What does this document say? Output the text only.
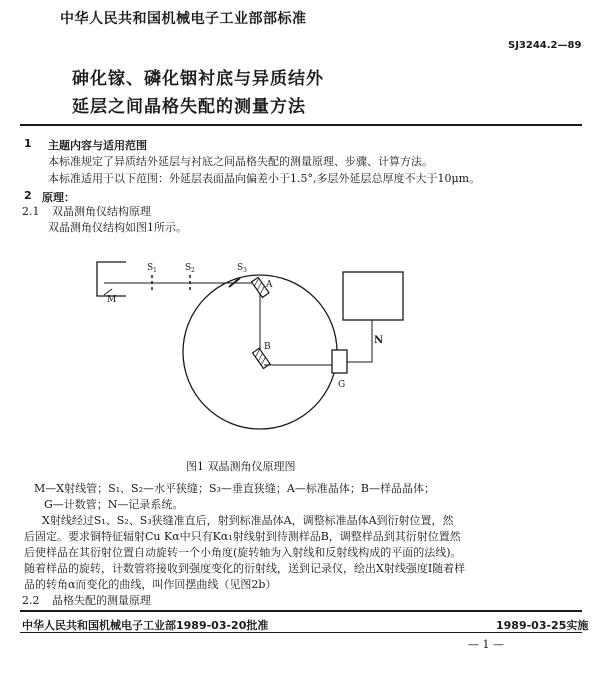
中华人民共和国机械电子工业部部标准
SJ3244.2—89
砷化镓、磷化铟衬底与异质结外
延层之间晶格失配的测量方法
1 主题内容与适用范围
本标准规定了异质结外延层与衬底之间晶格失配的测量原理、步骤、计算方法。
本标准适用于以下范围：外延层表面晶向偏差小于1.5°,多层外延层总厚度不大于10μm。
2 原理：
2.1 双晶测角仪结构原理
双晶测角仪结构如图1所示。
M
S 1	S 2	S 3
A
B
G
N
图1 双晶测角仪原理图
M—X射线管；S₁、S₂—水平狭缝；S₃—垂直狭缝；A—标准晶体；B—样品晶体；
G—计数管；N—记录系统。
X射线经过S₁、S₂、S₃狭缝准直后，射到标准晶体A，调整标准晶体A到衍射位置，然
后固定。要求铜特征辐射Cu Kα中只有Kα₁射线射到待测样品B，调整样品到其衍射位置然
后使样品在其衍射位置自动旋转一个小角度(旋转轴为入射线和反射线构成的平面的法线)。
随着样品的旋转，计数管将接收到强度变化的衍射线，送到记录仪，绘出X射线强度I随着样
品的转角α而变化的曲线，叫作回摆曲线（见图2b）
2.2 晶格失配的测量原理
中华人民共和国机械电子工业部1989-03-20批准	1989-03-25实施
— 1 —
